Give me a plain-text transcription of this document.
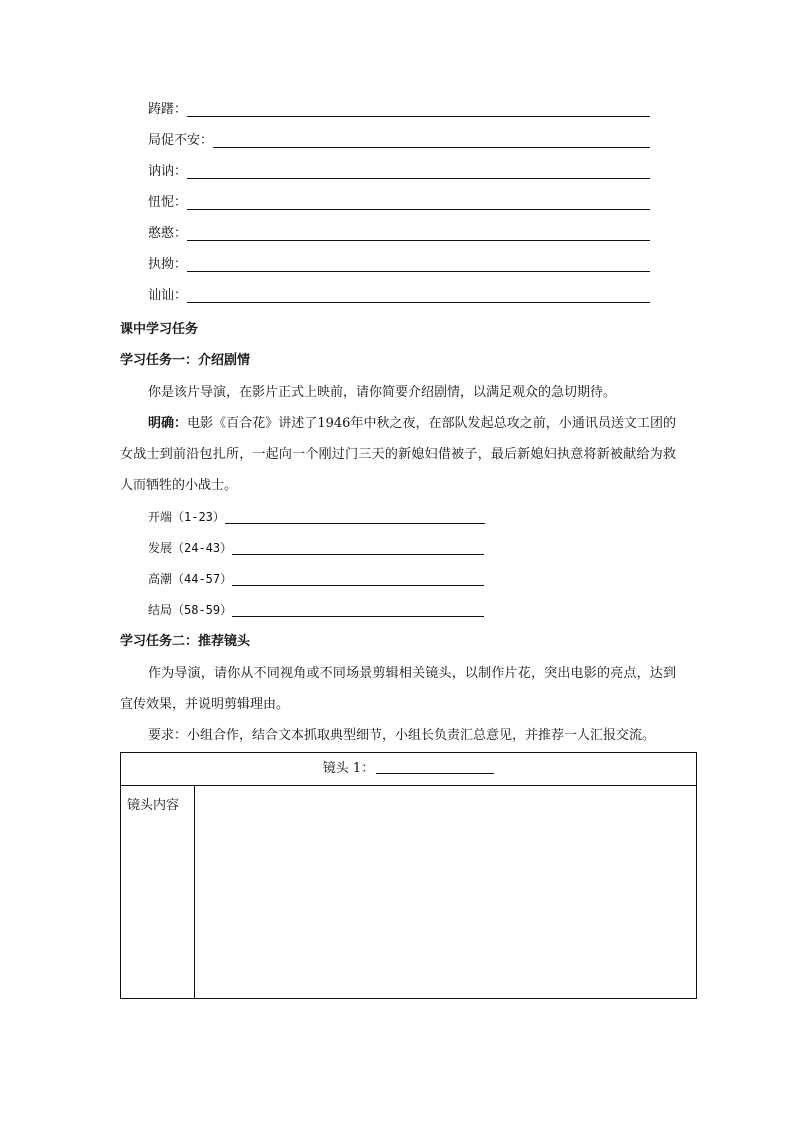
踌躇：
局促不安：
讷讷：
忸怩：
憨憨：
执拗：
讪讪：
课中学习任务
学习任务一：介绍剧情
你是该片导演，在影片正式上映前，请你简要介绍剧情，以满足观众的急切期待。
明确：电影《百合花》讲述了1946年中秋之夜，在部队发起总攻之前，小通讯员送文工团的女战士到前沿包扎所，一起向一个刚过门三天的新媳妇借被子，最后新媳妇执意将新被献给为救人而牺牲的小战士。
开端（1-23）
发展（24-43）
高潮（44-57）
结局（58-59）
学习任务二：推荐镜头
作为导演，请你从不同视角或不同场景剪辑相关镜头，以制作片花，突出电影的亮点，达到宣传效果，并说明剪辑理由。
要求：小组合作，结合文本抓取典型细节，小组长负责汇总意见，并推荐一人汇报交流。
镜头 1：
镜头内容	
